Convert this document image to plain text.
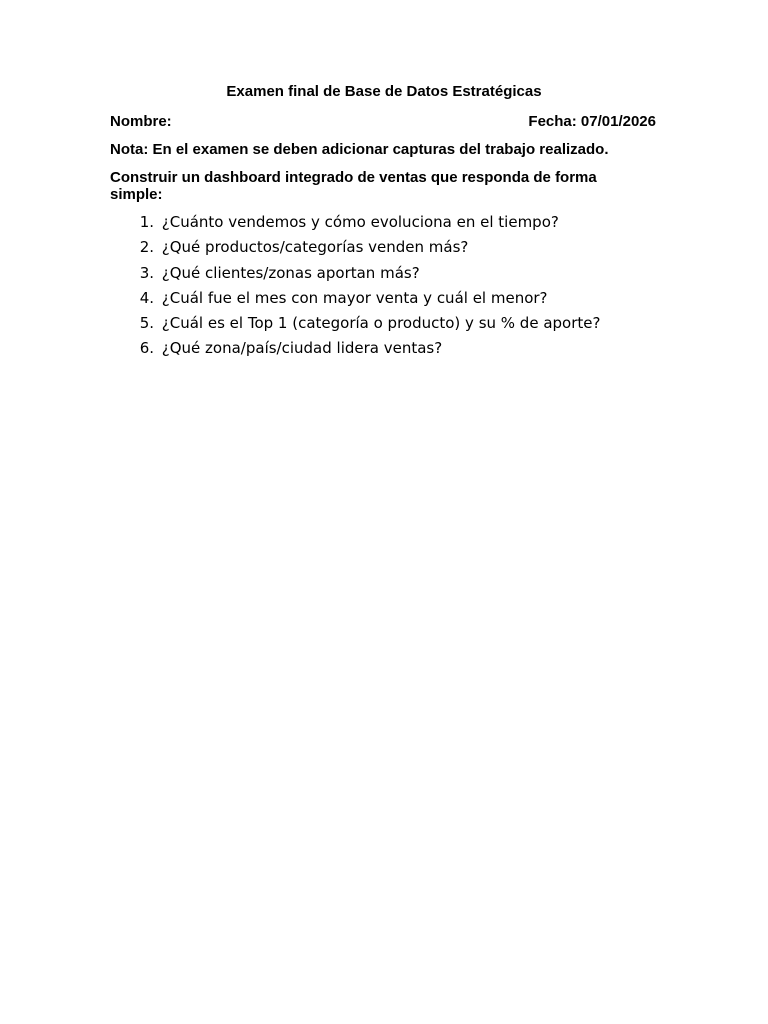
Examen final de Base de Datos Estratégicas
Nombre:	Fecha: 07/01/2026
Nota: En el examen se deben adicionar capturas del trabajo realizado.
Construir un dashboard integrado de ventas que responda de forma simple:
1. ¿Cuánto vendemos y cómo evoluciona en el tiempo?
2. ¿Qué productos/categorías venden más?
3. ¿Qué clientes/zonas aportan más?
4. ¿Cuál fue el mes con mayor venta y cuál el menor?
5. ¿Cuál es el Top 1 (categoría o producto) y su % de aporte?
6. ¿Qué zona/país/ciudad lidera ventas?
